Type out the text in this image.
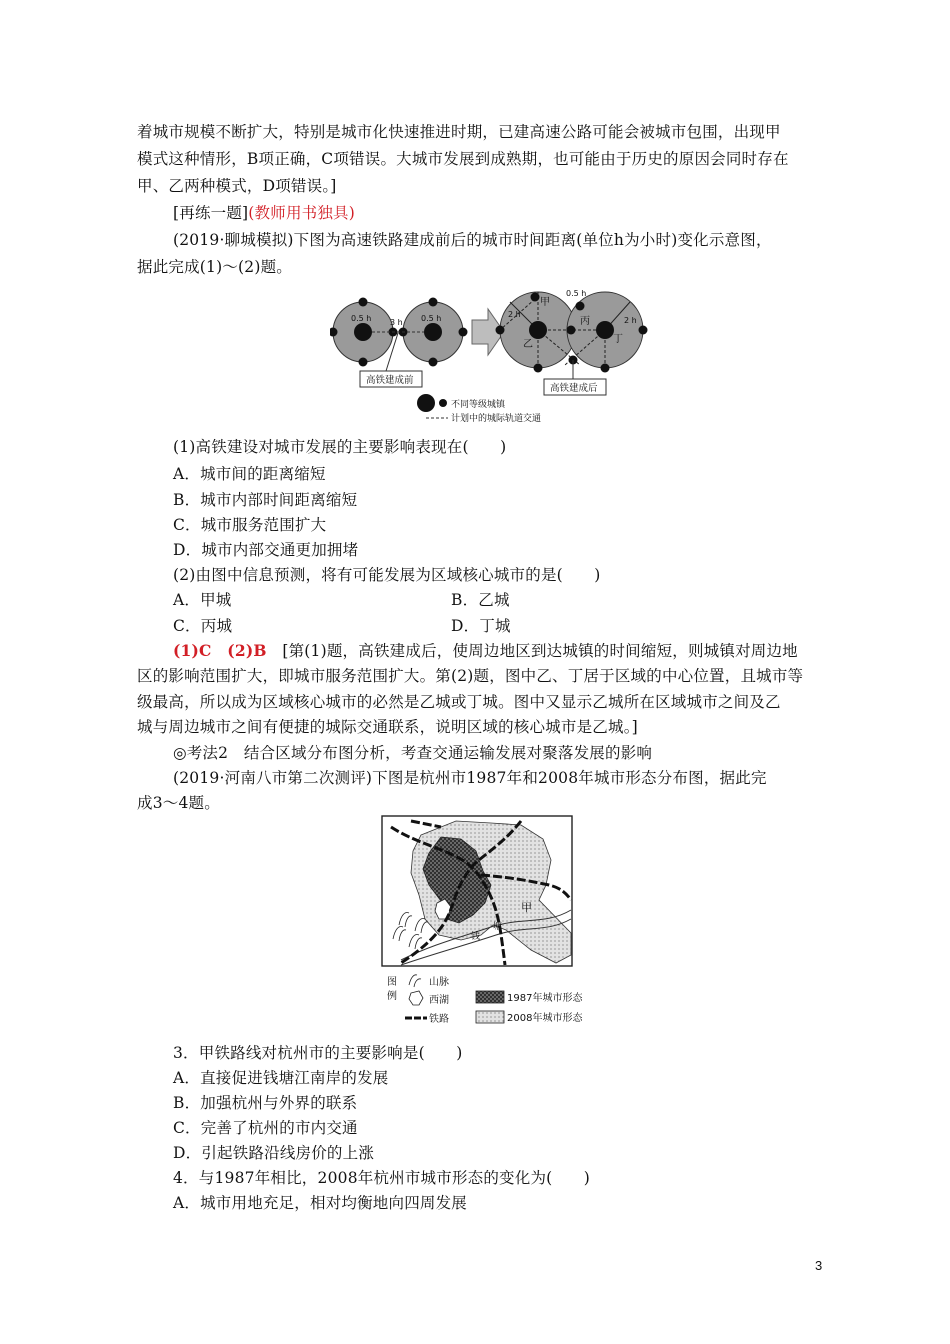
着城市规模不断扩大，特别是城市化快速推进时期，已建高速公路可能会被城市包围，出现甲
模式这种情形，B项正确，C项错误。大城市发展到成熟期，也可能由于历史的原因会同时存在
甲、乙两种模式，D项错误。]
[再练一题](教师用书独具)
(2019·聊城模拟)下图为高速铁路建成前后的城市时间距离(单位h为小时)变化示意图，
据此完成(1)～(2)题。
0.5 h	0.5 h
3 h
高铁建成前
0.5 h
2 h
2 h
甲
乙
丙
丁
高铁建成后
不同等级城镇
计划中的城际轨道交通
(1)高铁建设对城市发展的主要影响表现在(　　)
A．城市间的距离缩短
B．城市内部时间距离缩短
C．城市服务范围扩大
D．城市内部交通更加拥堵
(2)由图中信息预测，将有可能发展为区域核心城市的是(　　)
A．甲城	B．乙城
C．丙城	D．丁城
(1)C　 (2)B　 [第(1)题，高铁建成后，使周边地区到达城镇的时间缩短，则城镇对周边地
区的影响范围扩大，即城市服务范围扩大。第(2)题，图中乙、丁居于区域的中心位置，且城市等
级最高，所以成为区域核心城市的必然是乙城或丁城。图中又显示乙城所在区域城市之间及乙
城与周边城市之间有便捷的城际交通联系，说明区域的核心城市是乙城。]
◎考法2　结合区域分布图分析，考查交通运输发展对聚落发展的影响
(2019·河南八市第二次测评)下图是杭州市1987年和2008年城市形态分布图，据此完
成3～4题。
甲
钱
塘
图
例
山脉
西湖
铁路
1987年城市形态
2008年城市形态
3．甲铁路线对杭州市的主要影响是(　　)
A．直接促进钱塘江南岸的发展
B．加强杭州与外界的联系
C．完善了杭州的市内交通
D．引起铁路沿线房价的上涨
4．与1987年相比，2008年杭州市城市形态的变化为(　　)
A．城市用地充足，相对均衡地向四周发展
3
